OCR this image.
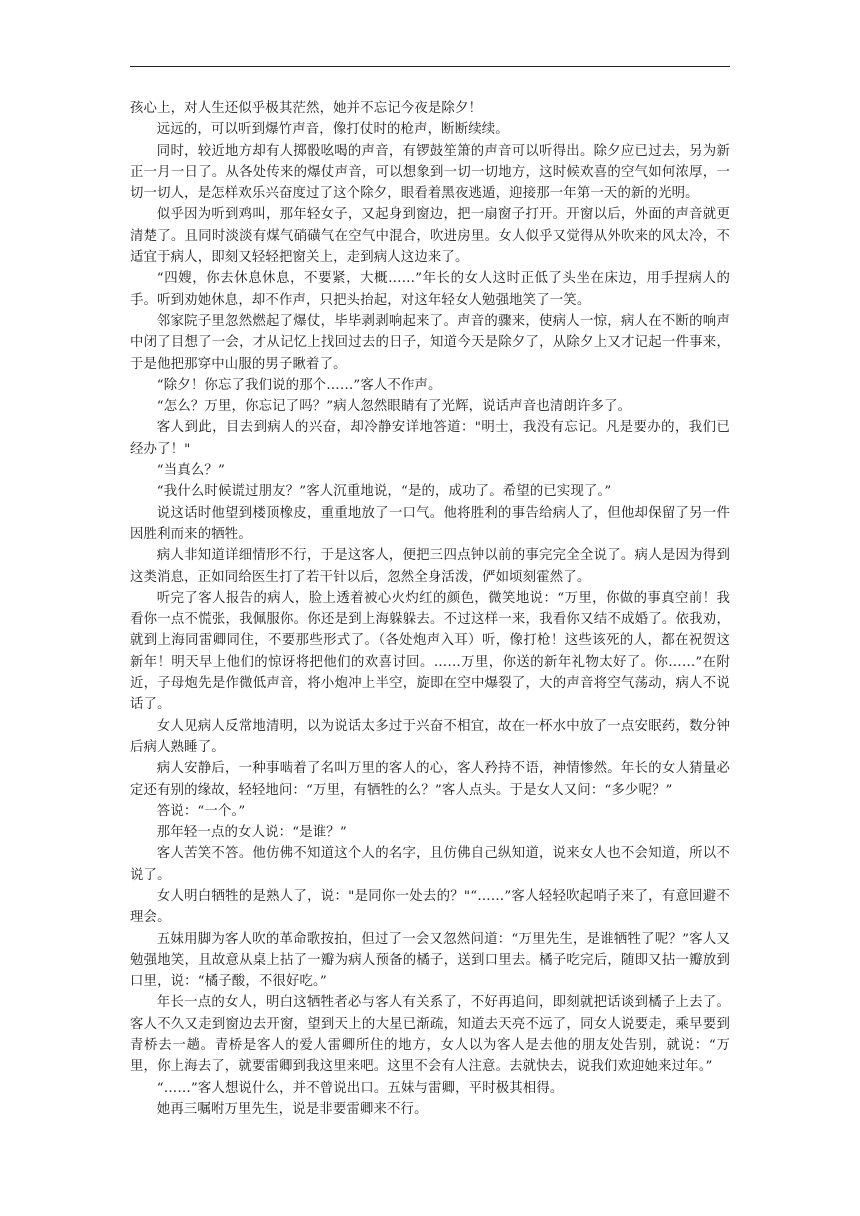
孩心上，对人生还似乎极其茫然，她并不忘记今夜是除夕！

远远的，可以听到爆竹声音，像打仗时的枪声，断断续续。

同时，较近地方却有人掷骰吆喝的声音，有锣鼓笙箫的声音可以听得出。除夕应已过去，另为新正一月一日了。从各处传来的爆仗声音，可以想象到一切一切地方，这时候欢喜的空气如何浓厚，一切一切人，是怎样欢乐兴奋度过了这个除夕，眼看着黑夜逃遁，迎接那一年第一天的新的光明。

似乎因为听到鸡叫，那年轻女子，又起身到窗边，把一扇窗子打开。开窗以后，外面的声音就更清楚了。且同时淡淡有煤气硝磺气在空气中混合，吹进房里。女人似乎又觉得从外吹来的风太冷，不适宜于病人，即刻又轻轻把窗关上，走到病人这边来了。

“四嫂，你去休息休息，不要紧，大概……”年长的女人这时正低了头坐在床边，用手捏病人的手。听到劝她休息，却不作声，只把头抬起，对这年轻女人勉强地笑了一笑。

邻家院子里忽然燃起了爆仗，毕毕剥剥响起来了。声音的骤来，使病人一惊，病人在不断的响声中闭了目想了一会，才从记忆上找回过去的日子，知道今天是除夕了，从除夕上又才记起一件事来，于是他把那穿中山服的男子瞅着了。

“除夕！你忘了我们说的那个……”客人不作声。

“怎么？万里，你忘记了吗？”病人忽然眼睛有了光辉，说话声音也清朗许多了。

客人到此，目去到病人的兴奋，却冷静安详地答道："明士，我没有忘记。凡是要办的，我们已经办了！"

“当真么？”

“我什么时候谎过朋友？”客人沉重地说，“是的，成功了。希望的已实现了。”

说这话时他望到楼顶橡皮，重重地放了一口气。他将胜利的事告给病人了，但他却保留了另一件因胜利而来的牺牲。

病人非知道详细情形不行，于是这客人，便把三四点钟以前的事完完全全说了。病人是因为得到这类消息，正如同给医生打了若干针以后，忽然全身活泼，俨如顷刻霍然了。

听完了客人报告的病人，脸上透着被心火灼红的颜色，微笑地说：“万里，你做的事真空前！我看你一点不慌张，我佩服你。你还是到上海躲躲去。不过这样一来，我看你又结不成婚了。依我劝，就到上海同雷卿同住，不要那些形式了。（各处炮声入耳）听，像打枪！这些该死的人，都在祝贺这新年！明天早上他们的惊讶将把他们的欢喜讨回。……万里，你送的新年礼物太好了。你……”在附近，子母炮先是作微低声音，将小炮冲上半空，旋即在空中爆裂了，大的声音将空气荡动，病人不说话了。

女人见病人反常地清明，以为说话太多过于兴奋不相宜，故在一杯水中放了一点安眠药，数分钟后病人熟睡了。

病人安静后，一种事啮着了名叫万里的客人的心，客人矜持不语，神情惨然。年长的女人猜量必定还有别的缘故，轻轻地问：“万里，有牺牲的么？”客人点头。于是女人又问：“多少呢？”

答说：“一个。”

那年轻一点的女人说：“是谁？”

客人苦笑不答。他仿佛不知道这个人的名字，且仿佛自己纵知道，说来女人也不会知道，所以不说了。

女人明白牺牲的是熟人了，说："是同你一处去的？"“……”客人轻轻吹起哨子来了，有意回避不理会。

五妹用脚为客人吹的革命歌按拍，但过了一会又忽然问道：“万里先生，是谁牺牲了呢？”客人又勉强地笑，且故意从桌上拈了一瓣为病人预备的橘子，送到口里去。橘子吃完后，随即又拈一瓣放到口里，说：“橘子酸，不很好吃。”

年长一点的女人，明白这牺牲者必与客人有关系了，不好再追问，即刻就把话谈到橘子上去了。客人不久又走到窗边去开窗，望到天上的大星已渐疏，知道去天亮不远了，同女人说要走，乘早要到青桥去一趟。青桥是客人的爱人雷卿所住的地方，女人以为客人是去他的朋友处告别，就说：“万里，你上海去了，就要雷卿到我这里来吧。这里不会有人注意。去就快去，说我们欢迎她来过年。”

“……”客人想说什么，并不曾说出口。五妹与雷卿，平时极其相得。

她再三嘱咐万里先生，说是非要雷卿来不行。
